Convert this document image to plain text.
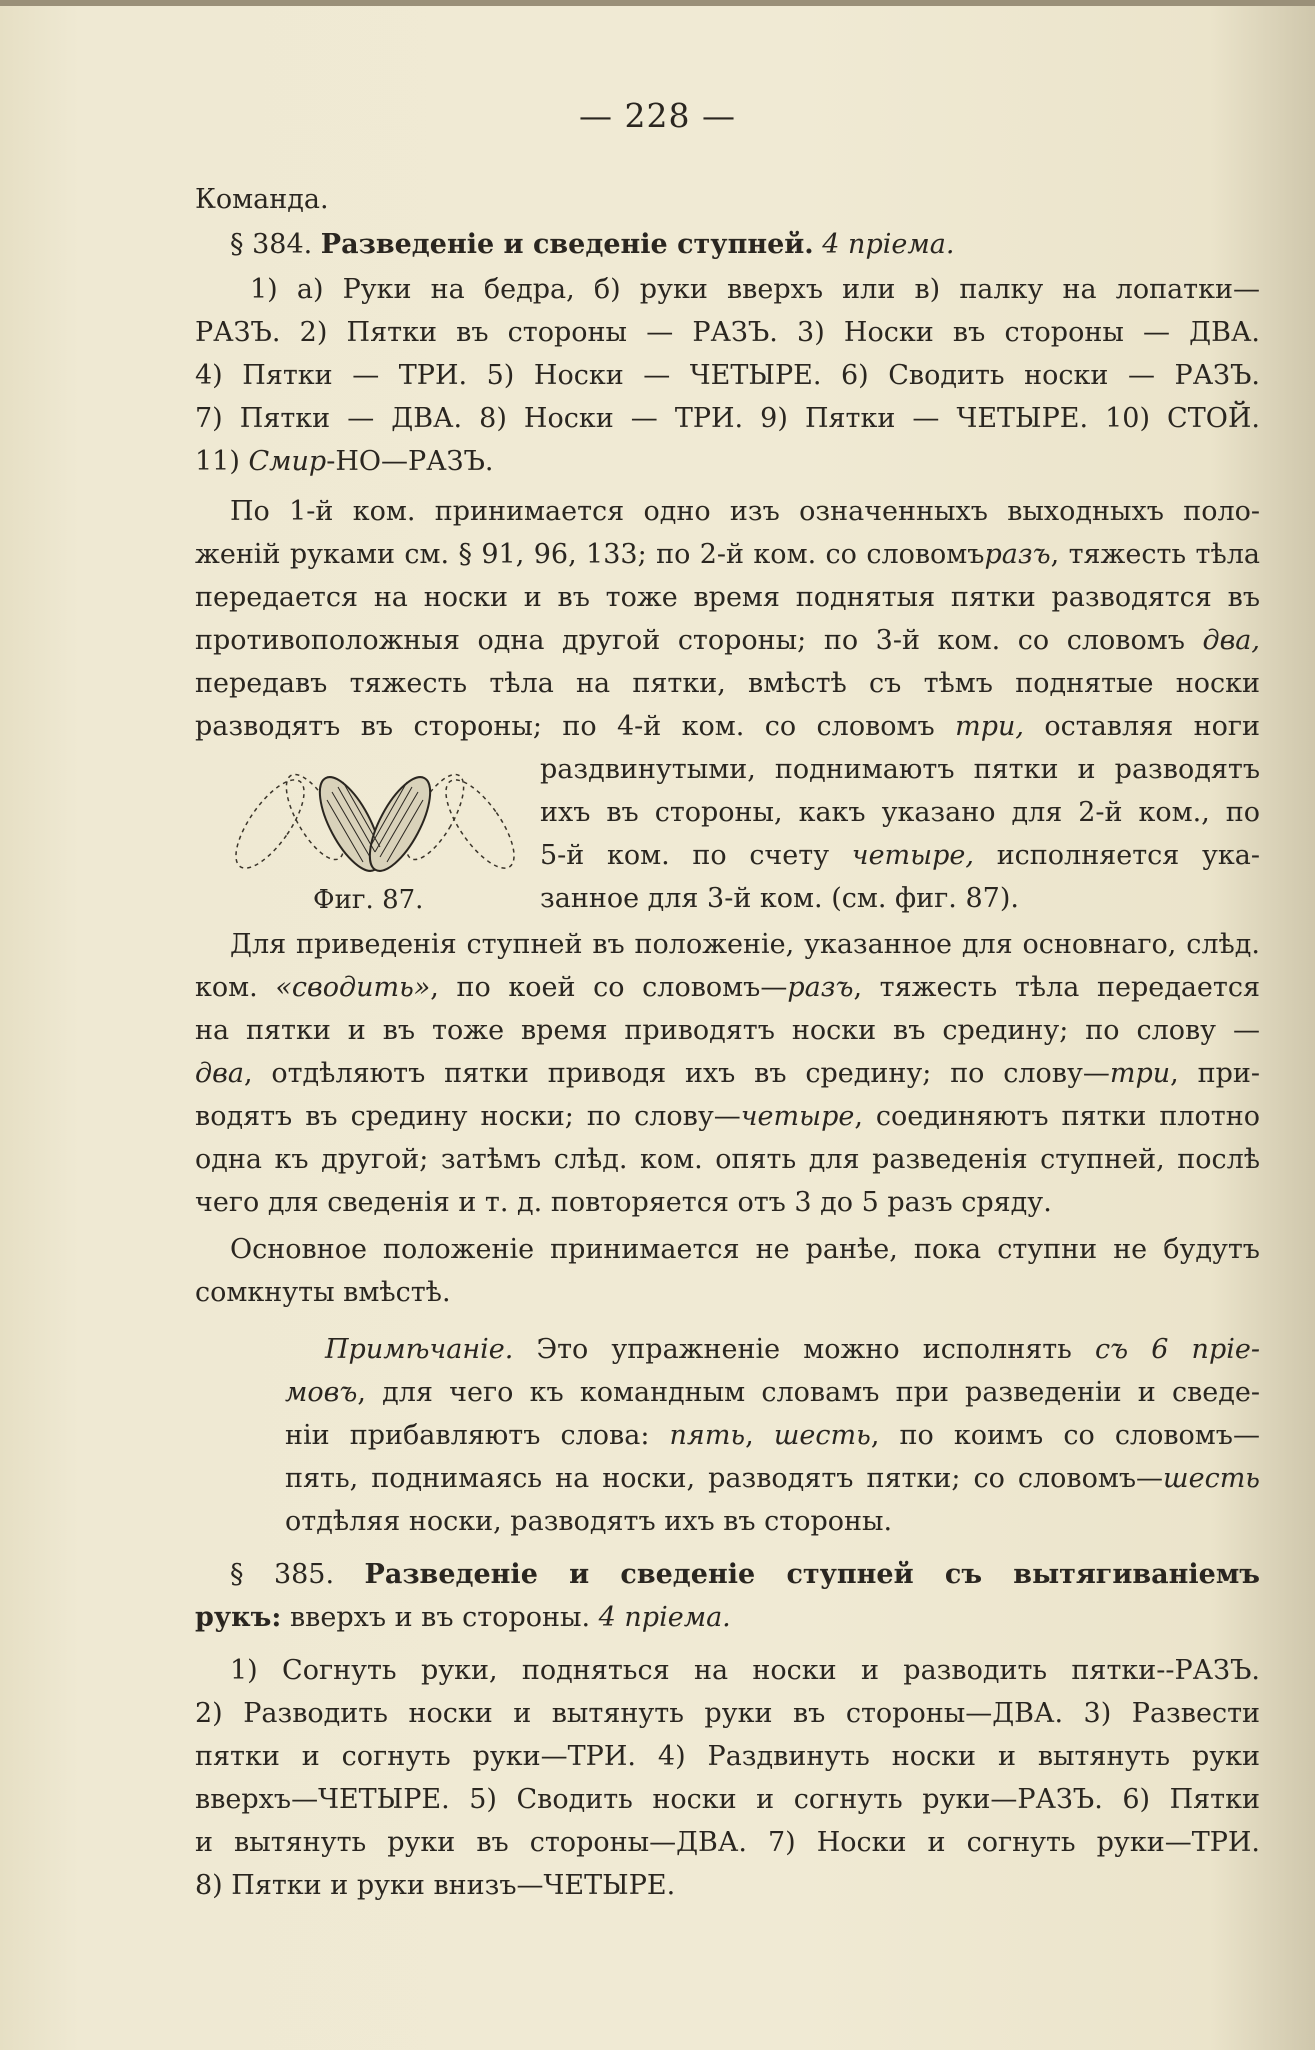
— 228 —
Команда.
§ 384. Разведеніе и сведеніе ступней. 4 пріема.
1) а) Руки на бедра, б) руки вверхъ или в) палку на лопатки—
РАЗЪ. 2) Пятки въ стороны — РАЗЪ. 3) Носки въ стороны — ДВА.
4) Пятки — ТРИ. 5) Носки — ЧЕТЫРЕ. 6) Сводить носки — РАЗЪ.
7) Пятки — ДВА. 8) Носки — ТРИ. 9) Пятки — ЧЕТЫРЕ. 10) СТОЙ.
11) Смир-НО—РАЗЪ.
По 1-й ком. принимается одно изъ означенныхъ выходныхъ поло-
женій руками см. § 91, 96, 133; по 2-й ком. со словомъразъ, тяжесть тѣла
передается на носки и въ тоже время поднятыя пятки разводятся въ
противоположныя одна другой стороны; по 3-й ком. со словомъ два,
передавъ тяжесть тѣла на пятки, вмѣстѣ съ тѣмъ поднятые носки
разводятъ въ стороны; по 4-й ком. со словомъ три, оставляя ноги
раздвинутыми, поднимаютъ пятки и разводятъ
ихъ въ стороны, какъ указано для 2-й ком., по
5-й ком. по счету четыре, исполняется ука-
занное для 3-й ком. (см. фиг. 87).
Для приведенія ступней въ положеніе, указанное для основнаго, слѣд.
ком. «сводить», по коей со словомъ—разъ, тяжесть тѣла передается
на пятки и въ тоже время приводятъ носки въ средину; по слову —
два, отдѣляютъ пятки приводя ихъ въ средину; по слову—три, при-
водятъ въ средину носки; по слову—четыре, соединяютъ пятки плотно
одна къ другой; затѣмъ слѣд. ком. опять для разведенія ступней, послѣ
чего для сведенія и т. д. повторяется отъ 3 до 5 разъ сряду.
Основное положеніе принимается не ранѣе, пока ступни не будутъ
сомкнуты вмѣстѣ.
Примѣчаніе. Это упражненіе можно исполнять съ 6 пріе-
мовъ, для чего къ командным словамъ при разведеніи и сведе-
ніи прибавляютъ слова: пять, шесть, по коимъ со словомъ—
пять, поднимаясь на носки, разводятъ пятки; со словомъ—шесть
отдѣляя носки, разводятъ ихъ въ стороны.
§ 385. Разведеніе и сведеніе ступней съ вытягиваніемъ
рукъ: вверхъ и въ стороны. 4 пріема.
1) Согнуть руки, подняться на носки и разводить пятки--РАЗЪ.
2) Разводить носки и вытянуть руки въ стороны—ДВА. 3) Развести
пятки и согнуть руки—ТРИ. 4) Раздвинуть носки и вытянуть руки
вверхъ—ЧЕТЫРЕ. 5) Сводить носки и согнуть руки—РАЗЪ. 6) Пятки
и вытянуть руки въ стороны—ДВА. 7) Носки и согнуть руки—ТРИ.
8) Пятки и руки внизъ—ЧЕТЫРЕ.
Фиг. 87.
